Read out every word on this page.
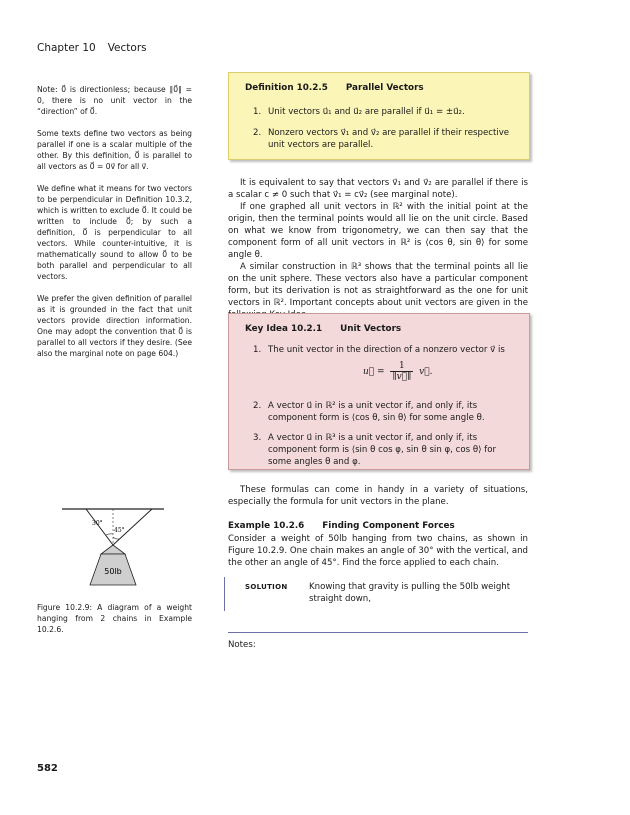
Chapter 10 Vectors

Note: 0⃗ is directionless; because ∥0⃗∥ = 0, there is no unit vector in the “direction” of 0⃗.

Some texts define two vectors as being parallel if one is a scalar multiple of the other. By this definition, 0⃗ is parallel to all vectors as 0⃗ = 0v⃗ for all v⃗.

We define what it means for two vectors to be perpendicular in Definition 10.3.2, which is written to exclude 0⃗. It could be written to include 0⃗; by such a definition, 0⃗ is perpendicular to all vectors. While counter-intuitive, it is mathematically sound to allow 0⃗ to be both parallel and perpendicular to all vectors.

We prefer the given definition of parallel as it is grounded in the fact that unit vectors provide direction information. One may adopt the convention that 0⃗ is parallel to all vectors if they desire. (See also the marginal note on page 604.)

Definition 10.2.5 Parallel Vectors
1. Unit vectors u⃗₁ and u⃗₂ are parallel if u⃗₁ = ±u⃗₂.
2. Nonzero vectors v⃗₁ and v⃗₂ are parallel if their respective unit vectors are parallel.

It is equivalent to say that vectors v⃗₁ and v⃗₂ are parallel if there is a scalar c ≠ 0 such that v⃗₁ = cv⃗₂ (see marginal note).

If one graphed all unit vectors in ℝ² with the initial point at the origin, then the terminal points would all lie on the unit circle. Based on what we know from trigonometry, we can then say that the component form of all unit vectors in ℝ² is ⟨cos θ, sin θ⟩ for some angle θ.

A similar construction in ℝ³ shows that the terminal points all lie on the unit sphere. These vectors also have a particular component form, but its derivation is not as straightforward as the one for unit vectors in ℝ². Important concepts about unit vectors are given in the

Key Idea 10.2.1 Unit Vectors
1. The unit vector in the direction of a nonzero vector v⃗ is
u⃗ = $\frac{1}{\parallel v⃗\parallel}$ v⃗.
2. A vector u⃗ in ℝ² is a unit vector if, and only if, its component form is ⟨cos θ, sin θ⟩ for some angle θ.
3. A vector u⃗ in ℝ³ is a unit vector if, and only if, its component form is ⟨sin θ cos φ, sin θ sin φ, cos θ⟩ for some angles θ and φ.

These formulas can come in handy in a variety of situations, especially the formula for unit vectors in the plane.

Example 10.2.6 Finding Component Forces
Consider a weight of 50lb hanging from two chains, as shown in Figure 10.2.9. One chain makes an angle of 30° with the vertical, and the other an angle of 45°. Find the force applied to each chain.
SOLUTION	Knowing that gravity is pulling the 50lb weight straight down,
30°
45°
50lb
Figure 10.2.9: A diagram of a weight hanging from 2 chains in Example 10.2.6.
Notes:
582
